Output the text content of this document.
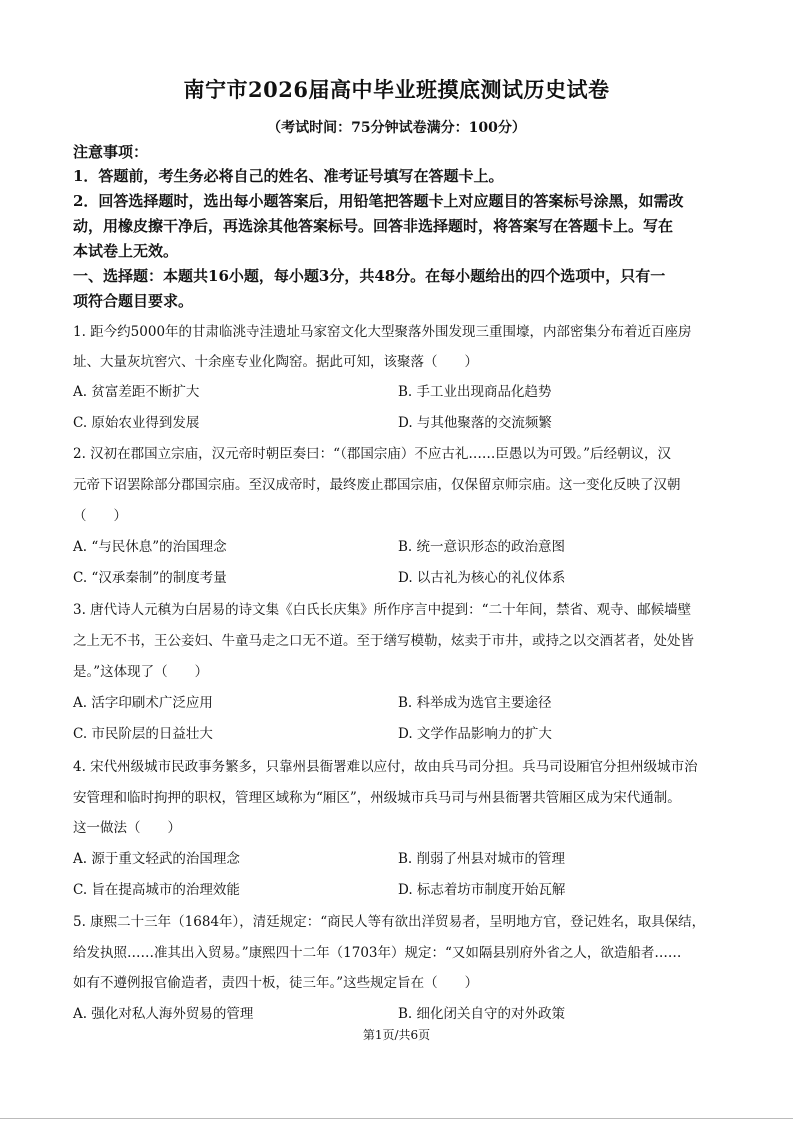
南宁市2026届高中毕业班摸底测试历史试卷
（考试时间：75分钟试卷满分：100分）
注意事项：
1．答题前，考生务必将自己的姓名、准考证号填写在答题卡上。
2．回答选择题时，选出每小题答案后，用铅笔把答题卡上对应题目的答案标号涂黑，如需改
动，用橡皮擦干净后，再选涂其他答案标号。回答非选择题时，将答案写在答题卡上。写在
本试卷上无效。
一、选择题：本题共16小题，每小题3分，共48分。在每小题给出的四个选项中，只有一
项符合题目要求。
1. 距今约5000年的甘肃临洮寺洼遗址马家窑文化大型聚落外围发现三重围壕，内部密集分布着近百座房
址、大量灰坑窖穴、十余座专业化陶窑。据此可知，该聚落（　　）
A. 贫富差距不断扩大	B. 手工业出现商品化趋势
C. 原始农业得到发展	D. 与其他聚落的交流频繁
2. 汉初在郡国立宗庙，汉元帝时朝臣奏曰：“（郡国宗庙）不应古礼……臣愚以为可毁。”后经朝议，汉
元帝下诏罢除部分郡国宗庙。至汉成帝时，最终废止郡国宗庙，仅保留京师宗庙。这一变化反映了汉朝
（　　）
A. “与民休息”的治国理念	B. 统一意识形态的政治意图
C. “汉承秦制”的制度考量	D. 以古礼为核心的礼仪体系
3. 唐代诗人元稹为白居易的诗文集《白氏长庆集》所作序言中提到：“二十年间，禁省、观寺、邮候墙壁
之上无不书，王公妾妇、牛童马走之口无不道。至于缮写模勒，炫卖于市井，或持之以交酒茗者，处处皆
是。”这体现了（　　）
A. 活字印刷术广泛应用	B. 科举成为选官主要途径
C. 市民阶层的日益壮大	D. 文学作品影响力的扩大
4. 宋代州级城市民政事务繁多，只靠州县衙署难以应付，故由兵马司分担。兵马司设厢官分担州级城市治
安管理和临时拘押的职权，管理区域称为“厢区”，州级城市兵马司与州县衙署共管厢区成为宋代通制。
这一做法（　　）
A. 源于重文轻武的治国理念	B. 削弱了州县对城市的管理
C. 旨在提高城市的治理效能	D. 标志着坊市制度开始瓦解
5. 康熙二十三年（1684年），清廷规定：“商民人等有欲出洋贸易者，呈明地方官，登记姓名，取具保结，
给发执照……准其出入贸易。”康熙四十二年（1703年）规定：“又如隔县别府外省之人，欲造船者……
如有不遵例报官偷造者，责四十板，徒三年。”这些规定旨在（　　）
A. 强化对私人海外贸易的管理	B. 细化闭关自守的对外政策
第1页/共6页
